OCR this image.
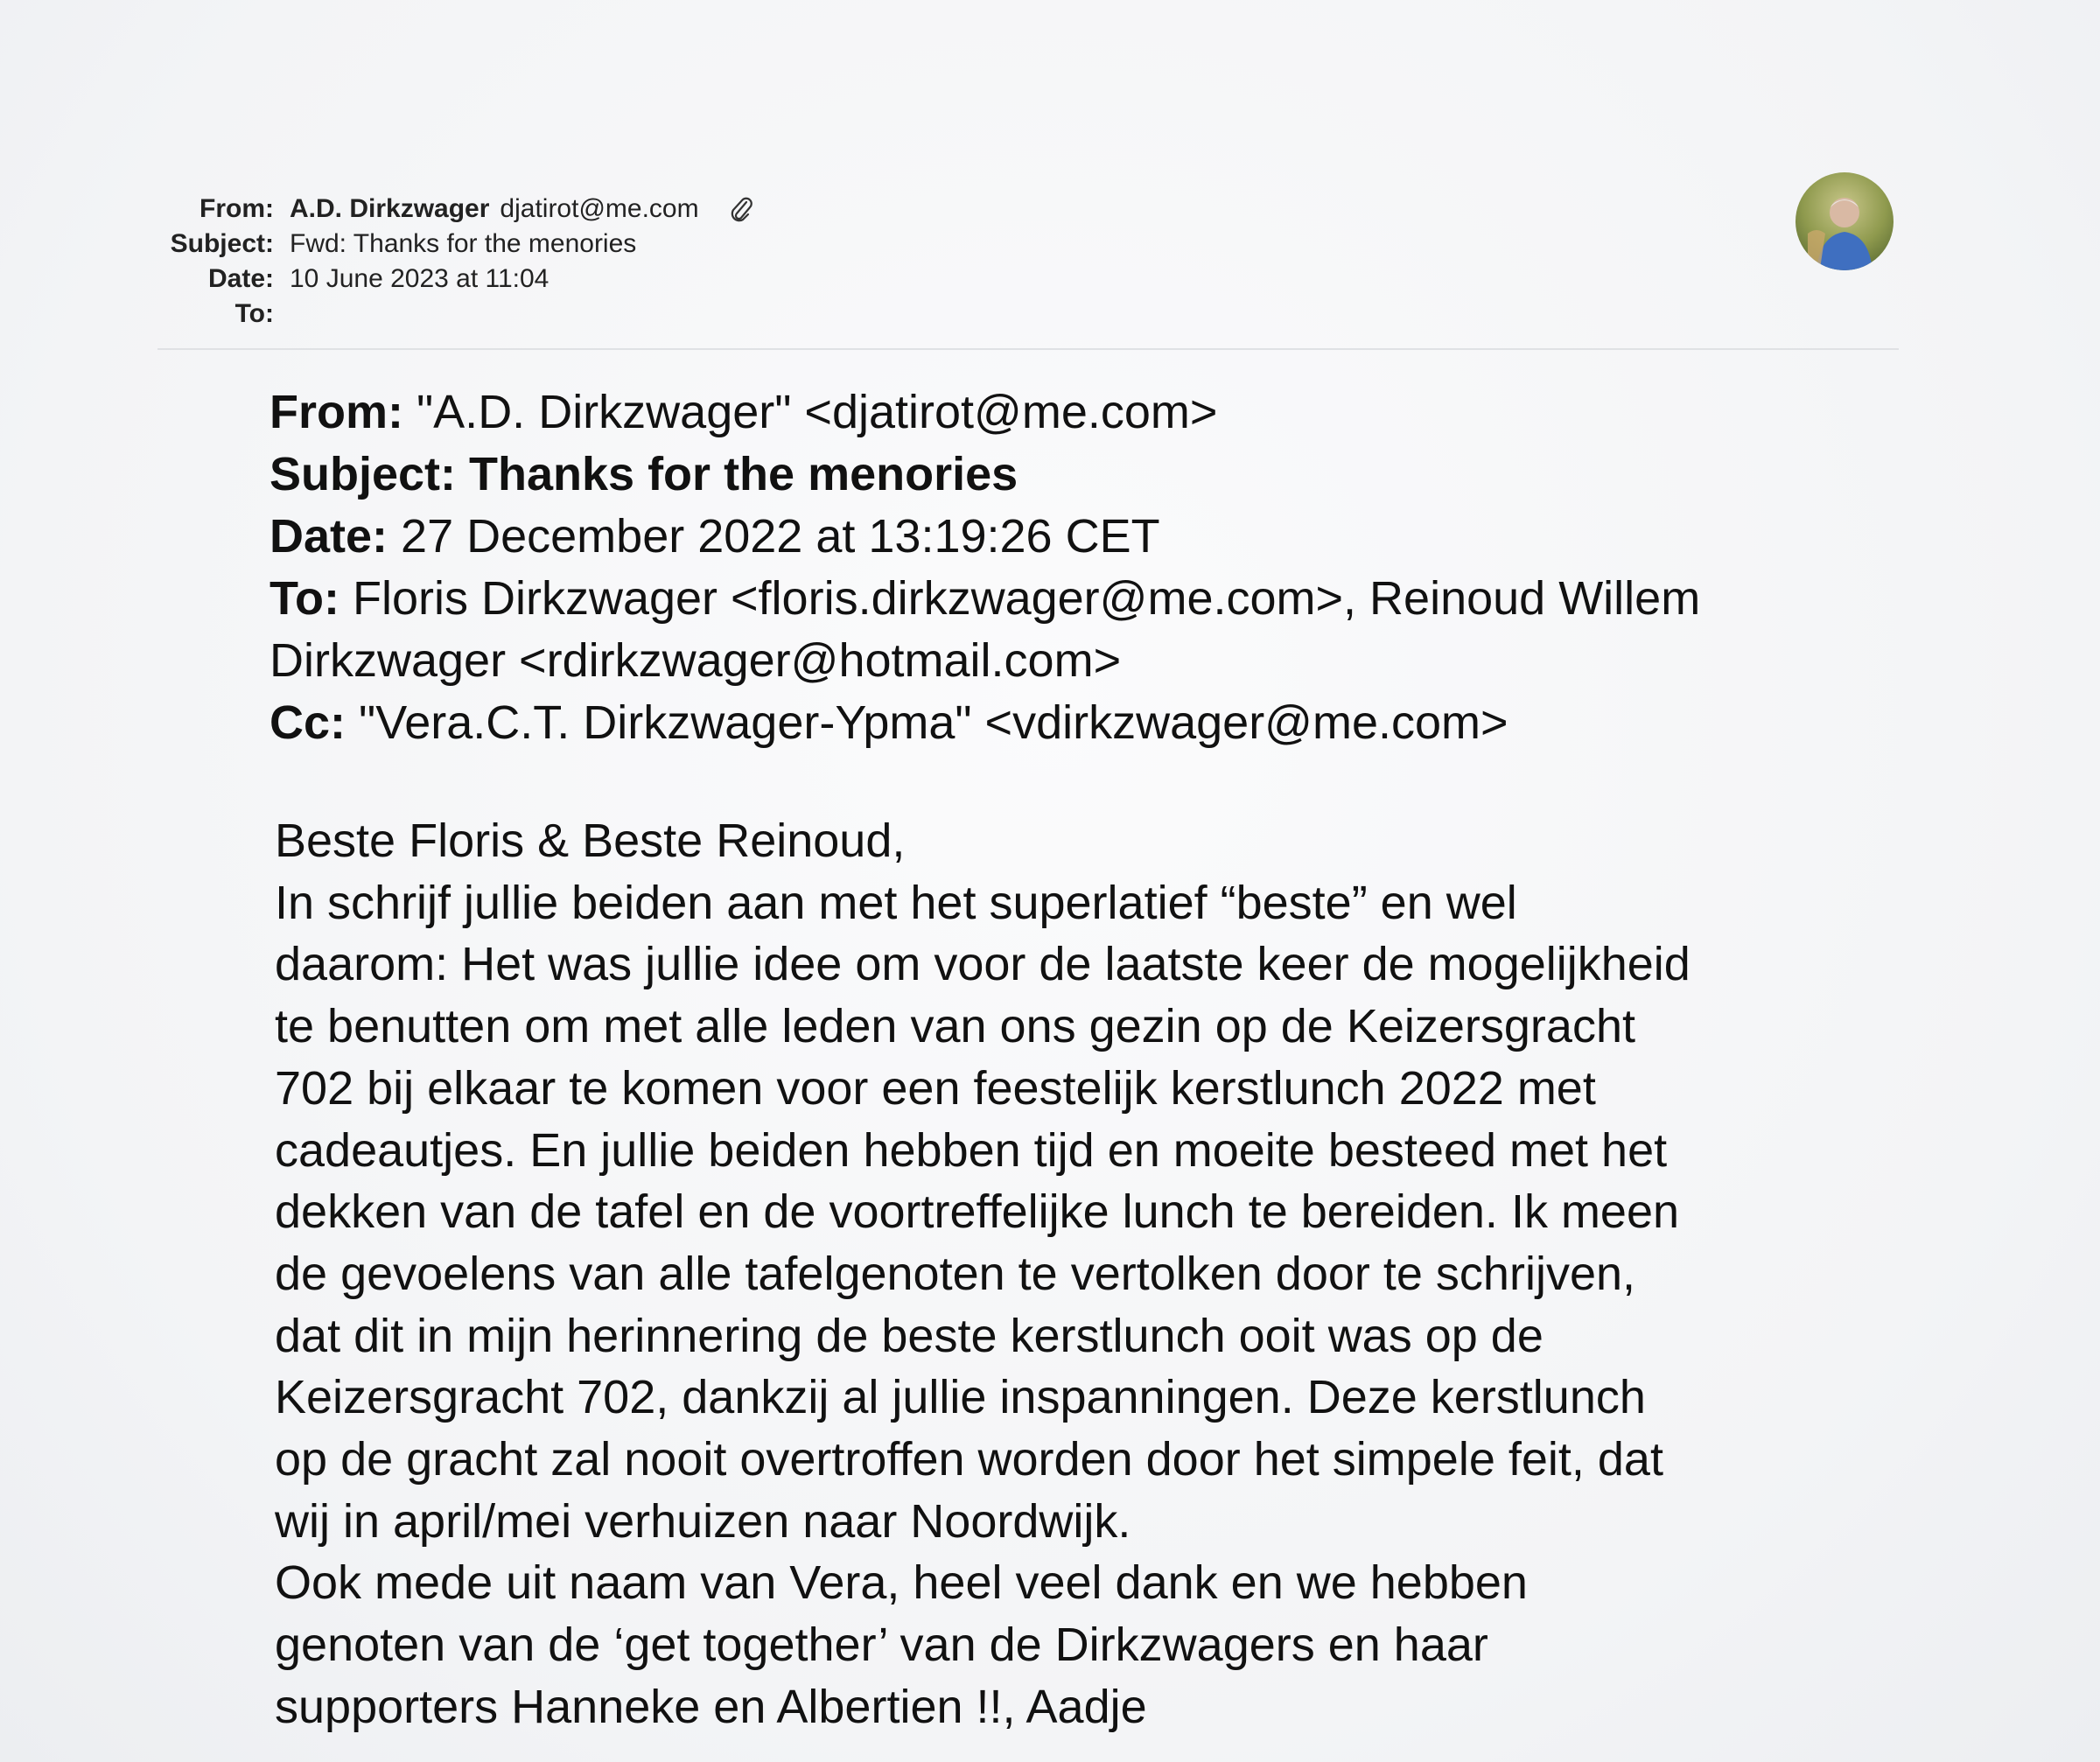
From: A.D. Dirkzwager djatirot@me.com
Subject: Fwd: Thanks for the menories
Date: 10 June 2023 at 11:04
To:
From: "A.D. Dirkzwager" <djatirot@me.com>
Subject: Thanks for the menories
Date: 27 December 2022 at 13:19:26 CET
To: Floris Dirkzwager <floris.dirkzwager@me.com>, Reinoud Willem
Dirkzwager <rdirkzwager@hotmail.com>
Cc: "Vera.C.T. Dirkzwager-Ypma" <vdirkzwager@me.com>
Beste Floris & Beste Reinoud,
In schrijf jullie beiden aan met het superlatief “beste” en wel
daarom: Het was jullie idee om voor de laatste keer de mogelijkheid
te benutten om met alle leden van ons gezin op de Keizersgracht
702 bij elkaar te komen voor een feestelijk kerstlunch 2022 met
cadeautjes. En jullie beiden hebben tijd en moeite besteed met het
dekken van de tafel en de voortreffelijke lunch te bereiden. Ik meen
de gevoelens van alle tafelgenoten te vertolken door te schrijven,
dat dit in mijn herinnering de beste kerstlunch ooit was op de
Keizersgracht 702, dankzij al jullie inspanningen. Deze kerstlunch
op de gracht zal nooit overtroffen worden door het simpele feit, dat
wij in april/mei verhuizen naar Noordwijk.
Ook mede uit naam van Vera, heel veel dank en we hebben
genoten van de ‘get together’ van de Dirkzwagers en haar
supporters Hanneke en Albertien !!, Aadje
